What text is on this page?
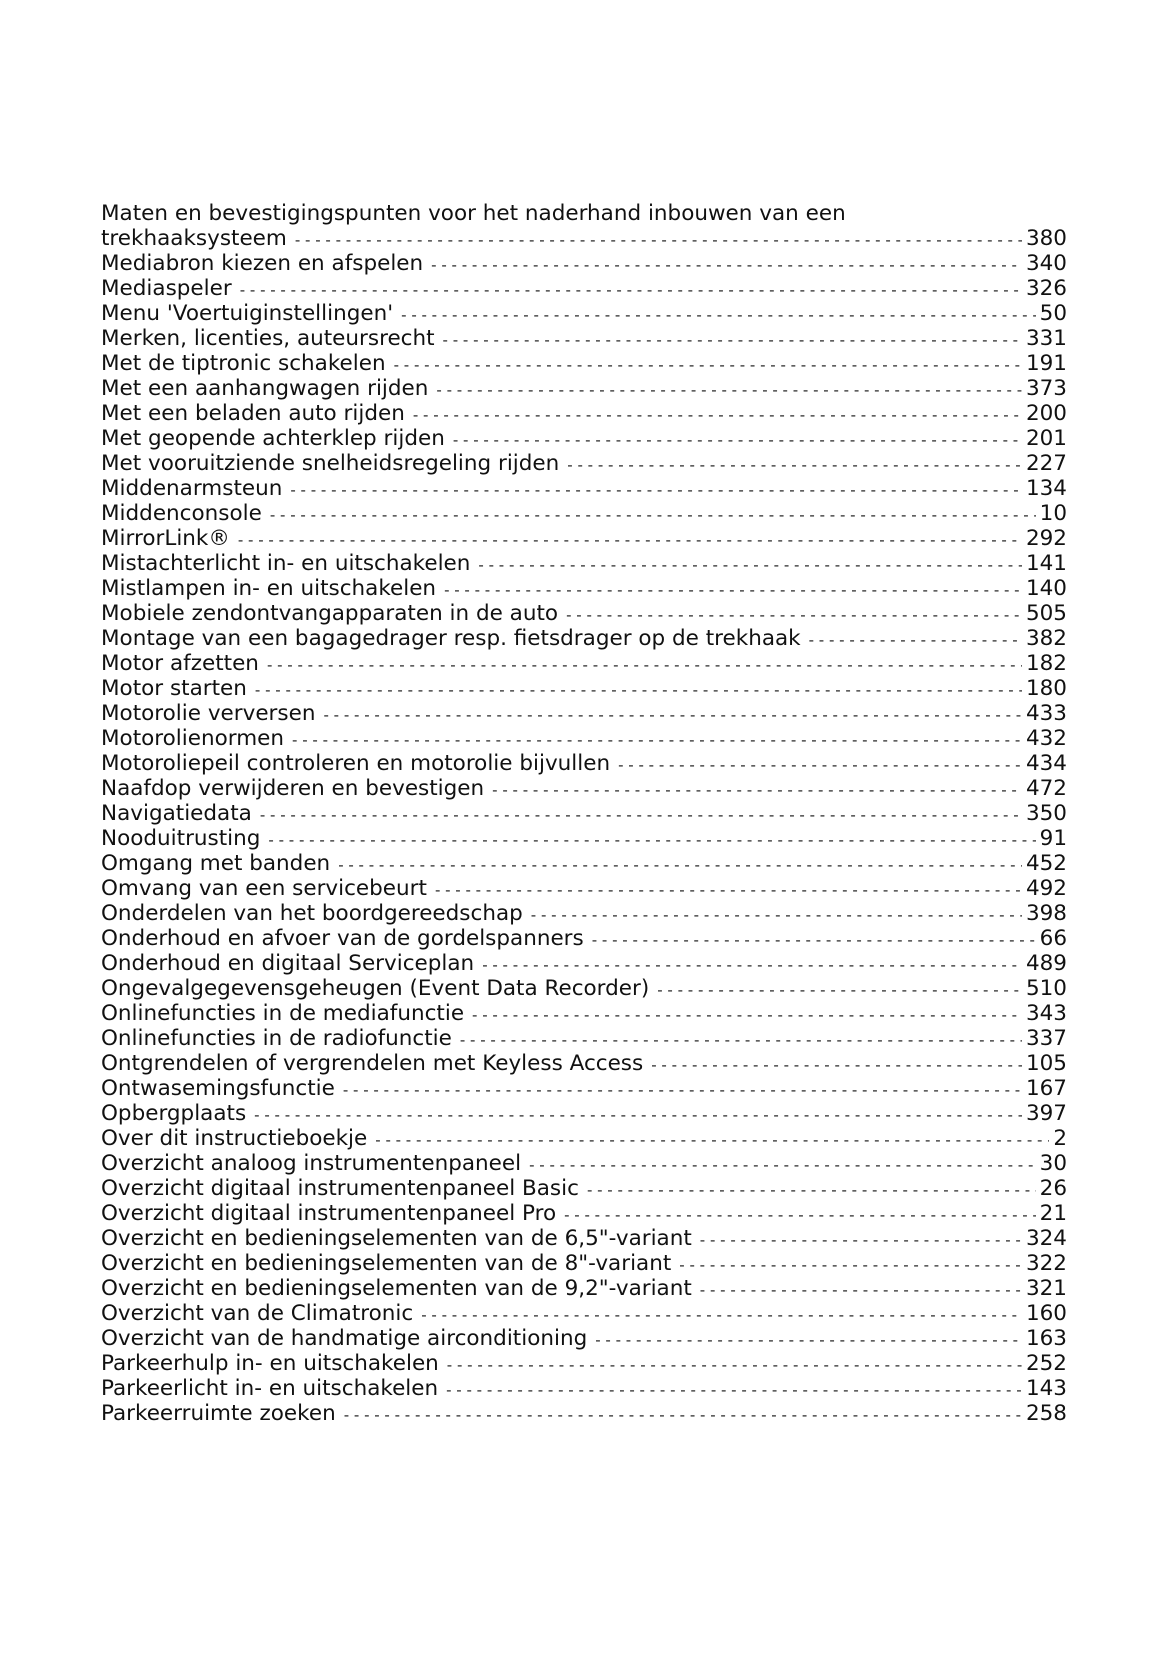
Maten en bevestigingspunten voor het naderhand inbouwen van een
trekhaaksysteem - - -	380
Mediabron kiezen en afspelen - - -	340
Mediaspeler - - -	326
Menu 'Voertuiginstellingen' - - -	50
Merken, licenties, auteursrecht - - -	331
Met de tiptronic schakelen - - -	191
Met een aanhangwagen rijden - - -	373
Met een beladen auto rijden - - -	200
Met geopende achterklep rijden - - -	201
Met vooruitziende snelheidsregeling rijden - - -	227
Middenarmsteun - - -	134
Middenconsole - - -	10
MirrorLink® - - -	292
Mistachterlicht in- en uitschakelen - - -	141
Mistlampen in- en uitschakelen - - -	140
Mobiele zendontvangapparaten in de auto - - -	505
Montage van een bagagedrager resp. fietsdrager op de trekhaak - - -	382
Motor afzetten - - -	182
Motor starten - - -	180
Motorolie verversen - - -	433
Motorolienormen - - -	432
Motoroliepeil controleren en motorolie bijvullen - - -	434
Naafdop verwijderen en bevestigen - - -	472
Navigatiedata - - -	350
Nooduitrusting - - -	91
Omgang met banden - - -	452
Omvang van een servicebeurt - - -	492
Onderdelen van het boordgereedschap - - -	398
Onderhoud en afvoer van de gordelspanners - - -	66
Onderhoud en digitaal Serviceplan - - -	489
Ongevalgegevensgeheugen (Event Data Recorder) - - -	510
Onlinefuncties in de mediafunctie - - -	343
Onlinefuncties in de radiofunctie - - -	337
Ontgrendelen of vergrendelen met Keyless Access - - -	105
Ontwasemingsfunctie - - -	167
Opbergplaats - - -	397
Over dit instructieboekje - - -	2
Overzicht analoog instrumentenpaneel - - -	30
Overzicht digitaal instrumentenpaneel Basic - - -	26
Overzicht digitaal instrumentenpaneel Pro - - -	21
Overzicht en bedieningselementen van de 6,5"-variant - - -	324
Overzicht en bedieningselementen van de 8"-variant - - -	322
Overzicht en bedieningselementen van de 9,2"-variant - - -	321
Overzicht van de Climatronic - - -	160
Overzicht van de handmatige airconditioning - - -	163
Parkeerhulp in- en uitschakelen - - -	252
Parkeerlicht in- en uitschakelen - - -	143
Parkeerruimte zoeken - - -	258
